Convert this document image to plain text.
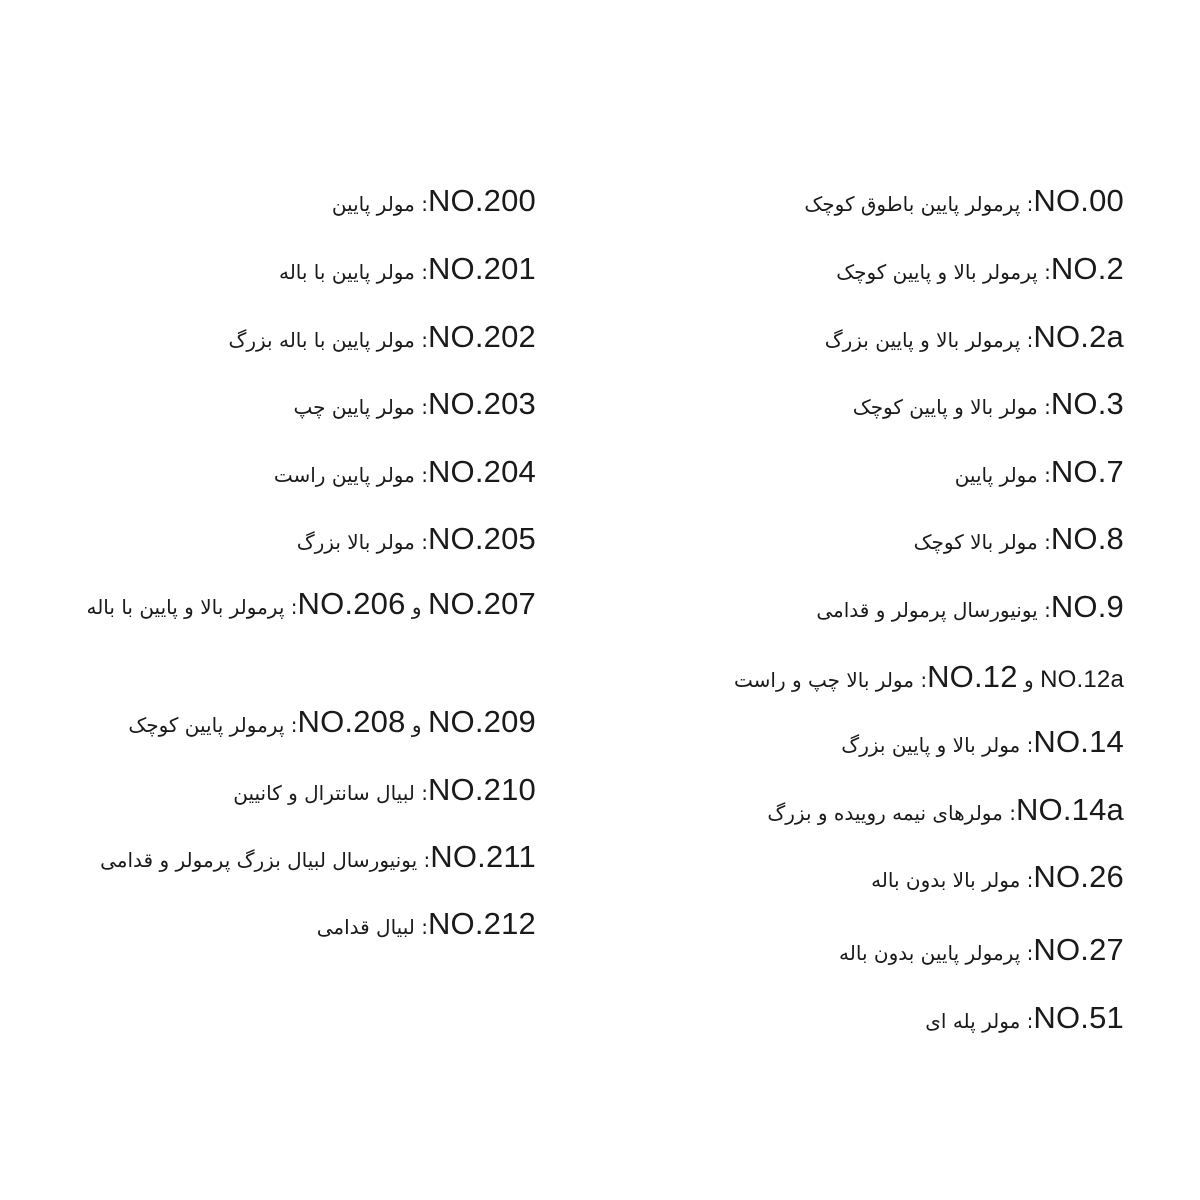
NO.00: پرمولر پایین باطوق کوچک
NO.2: پرمولر بالا و پایین کوچک
NO.2a: پرمولر بالا و پایین بزرگ
NO.3: مولر بالا و پایین کوچک
NO.7: مولر پایین
NO.8: مولر بالا کوچک
NO.9: یونیورسال پرمولر و قدامی
NO.12a و NO.12: مولر بالا چپ و راست
NO.14: مولر بالا و پایین بزرگ
NO.14a: مولرهای نیمه روییده و بزرگ
NO.26: مولر بالا بدون باله
NO.27: پرمولر پایین بدون باله
NO.51: مولر پله ای
NO.200: مولر پایین
NO.201: مولر پایین با باله
NO.202: مولر پایین با باله بزرگ
NO.203: مولر پایین چپ
NO.204: مولر پایین راست
NO.205: مولر بالا بزرگ
NO.207 و NO.206: پرمولر بالا و پایین با باله
NO.209 و NO.208: پرمولر پایین کوچک
NO.210: لبیال سانترال و کانیین
NO.211: یونیورسال لبیال بزرگ پرمولر و قدامی
NO.212: لبیال قدامی
